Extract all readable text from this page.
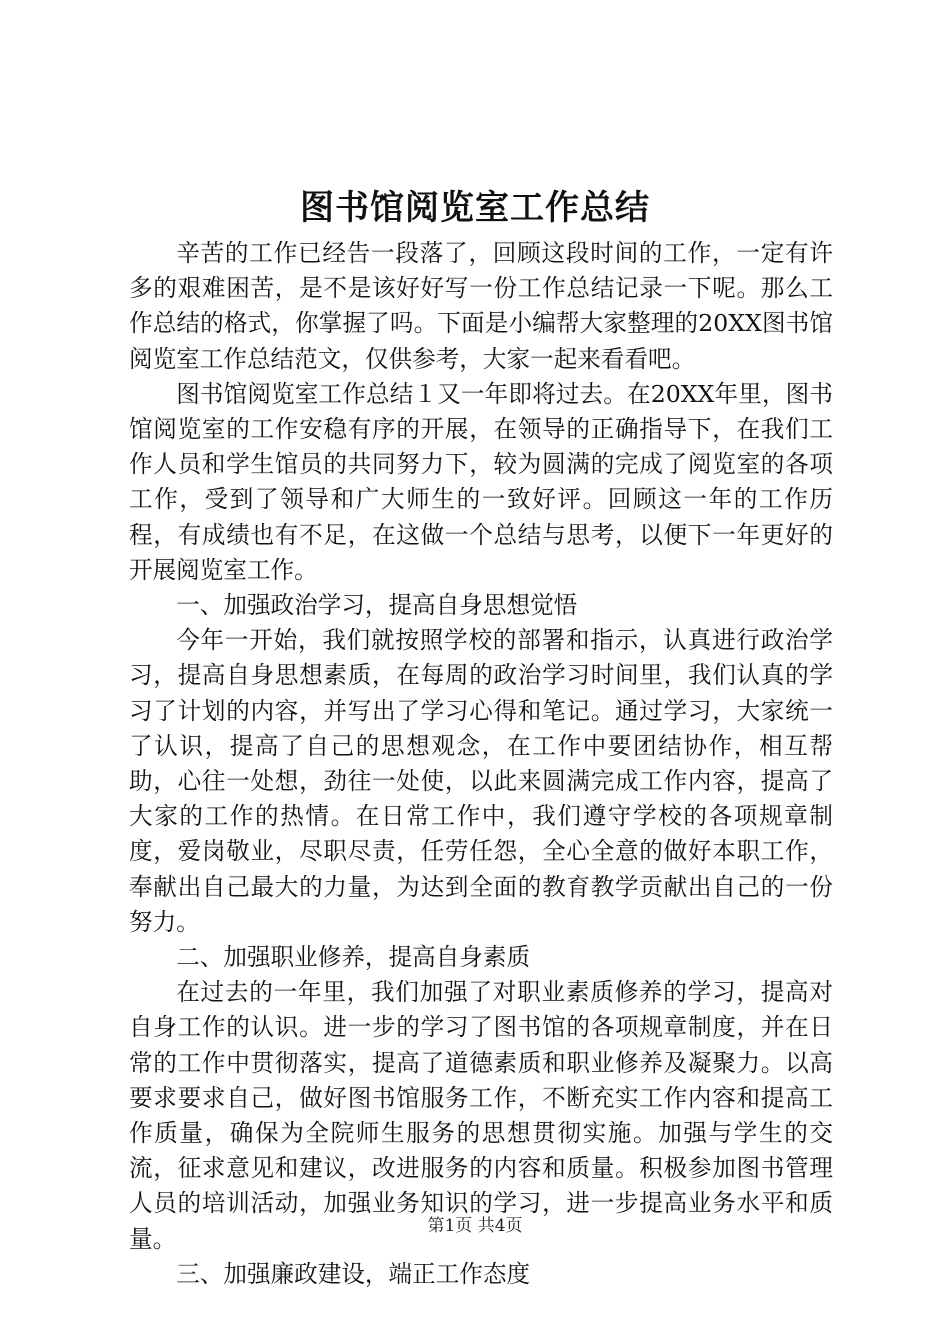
图书馆阅览室工作总结

辛苦的工作已经告一段落了，回顾这段时间的工作，一定有许多的艰难困苦，是不是该好好写一份工作总结记录一下呢。那么工作总结的格式，你掌握了吗。下面是小编帮大家整理的20XX图书馆阅览室工作总结范文，仅供参考，大家一起来看看吧。

图书馆阅览室工作总结１又一年即将过去。在20XX年里，图书馆阅览室的工作安稳有序的开展，在领导的正确指导下，在我们工作人员和学生馆员的共同努力下，较为圆满的完成了阅览室的各项工作，受到了领导和广大师生的一致好评。回顾这一年的工作历程，有成绩也有不足，在这做一个总结与思考，以便下一年更好的开展阅览室工作。

一、加强政治学习，提高自身思想觉悟

今年一开始，我们就按照学校的部署和指示，认真进行政治学习，提高自身思想素质，在每周的政治学习时间里，我们认真的学习了计划的内容，并写出了学习心得和笔记。通过学习，大家统一了认识，提高了自己的思想观念，在工作中要团结协作，相互帮助，心往一处想，劲往一处使，以此来圆满完成工作内容，提高了大家的工作的热情。在日常工作中，我们遵守学校的各项规章制度，爱岗敬业，尽职尽责，任劳任怨，全心全意的做好本职工作，奉献出自己最大的力量，为达到全面的教育教学贡献出自己的一份努力。

二、加强职业修养，提高自身素质

在过去的一年里，我们加强了对职业素质修养的学习，提高对自身工作的认识。进一步的学习了图书馆的各项规章制度，并在日常的工作中贯彻落实，提高了道德素质和职业修养及凝聚力。以高要求要求自己，做好图书馆服务工作，不断充实工作内容和提高工作质量，确保为全院师生服务的思想贯彻实施。加强与学生的交流，征求意见和建议，改进服务的内容和质量。积极参加图书管理人员的培训活动，加强业务知识的学习，进一步提高业务水平和质量。

三、加强廉政建设，端正工作态度

第1页 共4页
